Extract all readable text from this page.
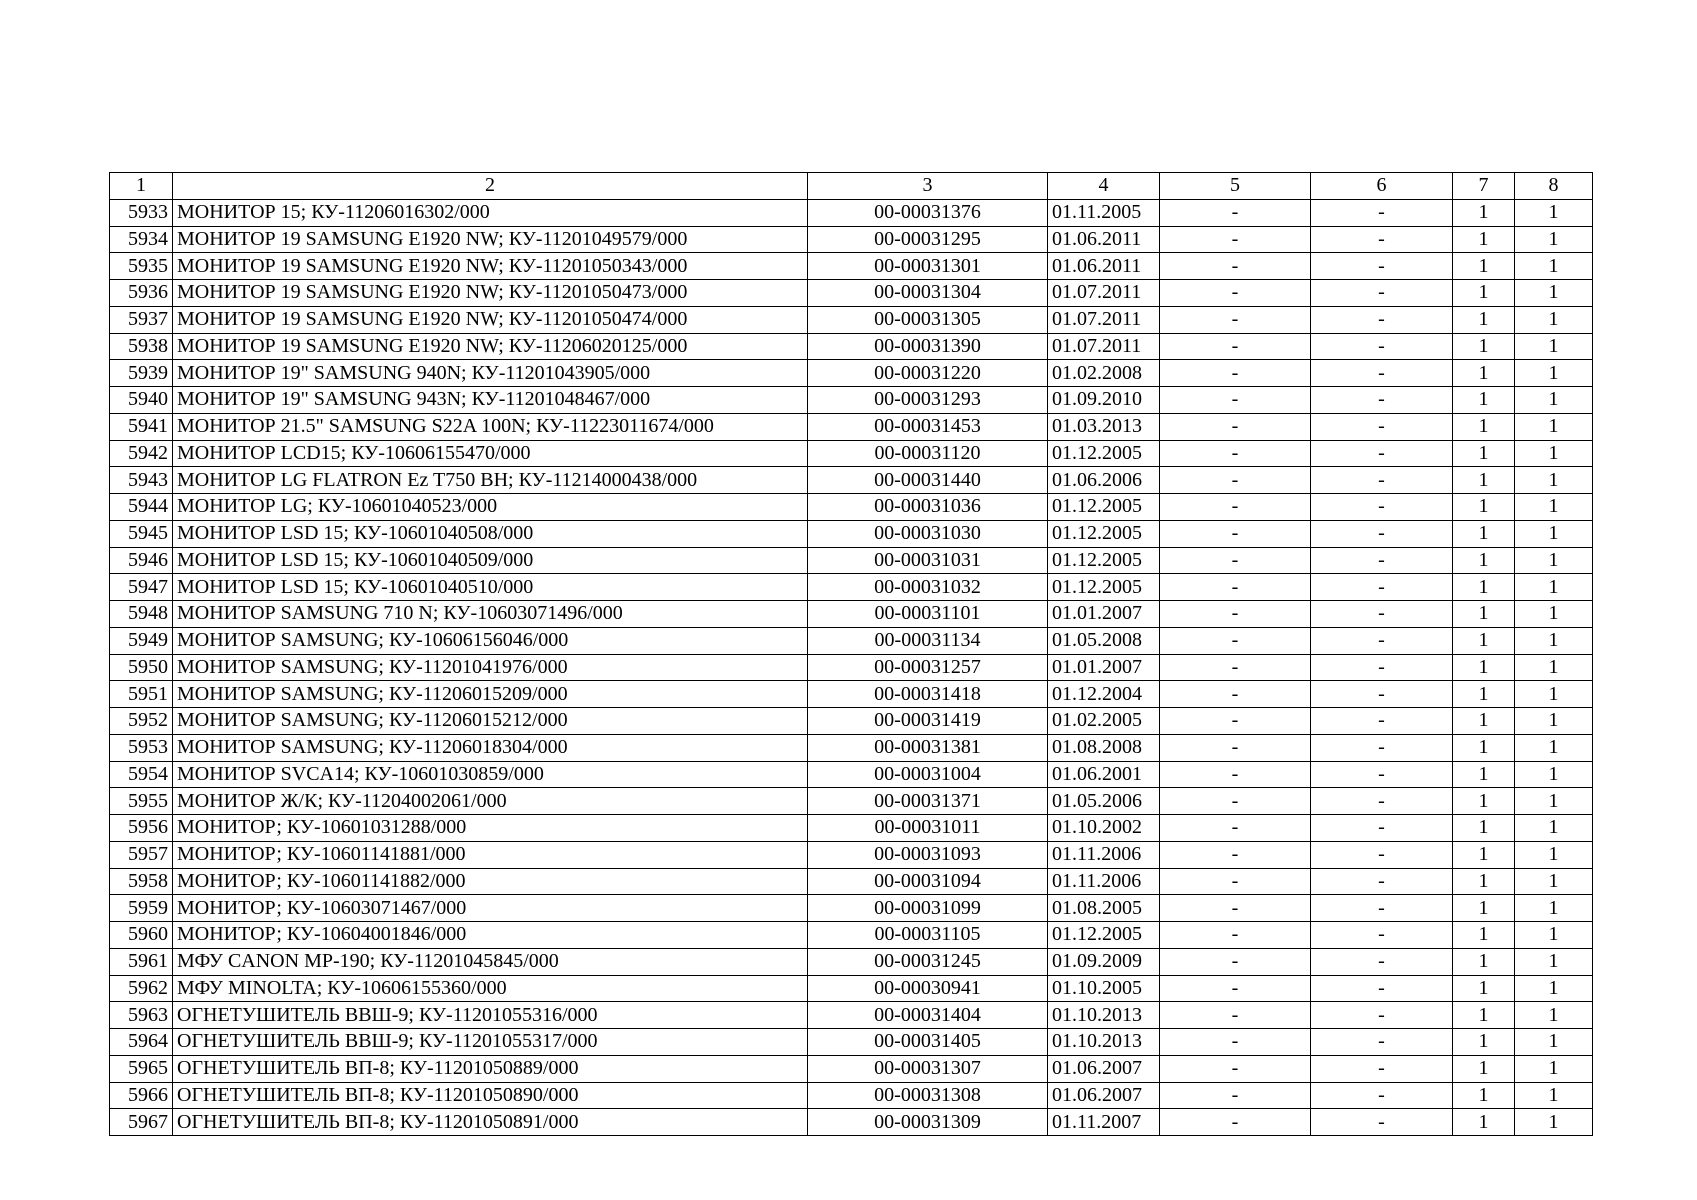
1	2	3	4	5	6	7	8
5933	МОНИТОР 15; КУ-11206016302/000	00-00031376	01.11.2005	-	-	1	1
5934	МОНИТОР 19 SAMSUNG E1920 NW; КУ-11201049579/000	00-00031295	01.06.2011	-	-	1	1
5935	МОНИТОР 19 SAMSUNG E1920 NW; КУ-11201050343/000	00-00031301	01.06.2011	-	-	1	1
5936	МОНИТОР 19 SAMSUNG E1920 NW; КУ-11201050473/000	00-00031304	01.07.2011	-	-	1	1
5937	МОНИТОР 19 SAMSUNG E1920 NW; КУ-11201050474/000	00-00031305	01.07.2011	-	-	1	1
5938	МОНИТОР 19 SAMSUNG E1920 NW; КУ-11206020125/000	00-00031390	01.07.2011	-	-	1	1
5939	МОНИТОР 19" SAMSUNG 940N; КУ-11201043905/000	00-00031220	01.02.2008	-	-	1	1
5940	МОНИТОР 19" SAMSUNG 943N; КУ-11201048467/000	00-00031293	01.09.2010	-	-	1	1
5941	МОНИТОР 21.5" SAMSUNG S22A 100N; КУ-11223011674/000	00-00031453	01.03.2013	-	-	1	1
5942	МОНИТОР LCD15; КУ-10606155470/000	00-00031120	01.12.2005	-	-	1	1
5943	МОНИТОР LG FLATRON Ez T750 BH; КУ-11214000438/000	00-00031440	01.06.2006	-	-	1	1
5944	МОНИТОР LG; КУ-10601040523/000	00-00031036	01.12.2005	-	-	1	1
5945	МОНИТОР LSD 15; КУ-10601040508/000	00-00031030	01.12.2005	-	-	1	1
5946	МОНИТОР LSD 15; КУ-10601040509/000	00-00031031	01.12.2005	-	-	1	1
5947	МОНИТОР LSD 15; КУ-10601040510/000	00-00031032	01.12.2005	-	-	1	1
5948	МОНИТОР SAMSUNG 710 N; КУ-10603071496/000	00-00031101	01.01.2007	-	-	1	1
5949	МОНИТОР SAMSUNG; КУ-10606156046/000	00-00031134	01.05.2008	-	-	1	1
5950	МОНИТОР SAMSUNG; КУ-11201041976/000	00-00031257	01.01.2007	-	-	1	1
5951	МОНИТОР SAMSUNG; КУ-11206015209/000	00-00031418	01.12.2004	-	-	1	1
5952	МОНИТОР SAMSUNG; КУ-11206015212/000	00-00031419	01.02.2005	-	-	1	1
5953	МОНИТОР SAMSUNG; КУ-11206018304/000	00-00031381	01.08.2008	-	-	1	1
5954	МОНИТОР SVCA14; КУ-10601030859/000	00-00031004	01.06.2001	-	-	1	1
5955	МОНИТОР Ж/К; КУ-11204002061/000	00-00031371	01.05.2006	-	-	1	1
5956	МОНИТОР; КУ-10601031288/000	00-00031011	01.10.2002	-	-	1	1
5957	МОНИТОР; КУ-10601141881/000	00-00031093	01.11.2006	-	-	1	1
5958	МОНИТОР; КУ-10601141882/000	00-00031094	01.11.2006	-	-	1	1
5959	МОНИТОР; КУ-10603071467/000	00-00031099	01.08.2005	-	-	1	1
5960	МОНИТОР; КУ-10604001846/000	00-00031105	01.12.2005	-	-	1	1
5961	МФУ CANON MP-190; КУ-11201045845/000	00-00031245	01.09.2009	-	-	1	1
5962	МФУ MINOLTA; КУ-10606155360/000	00-00030941	01.10.2005	-	-	1	1
5963	ОГНЕТУШИТЕЛЬ ВВШ-9; КУ-11201055316/000	00-00031404	01.10.2013	-	-	1	1
5964	ОГНЕТУШИТЕЛЬ ВВШ-9; КУ-11201055317/000	00-00031405	01.10.2013	-	-	1	1
5965	ОГНЕТУШИТЕЛЬ ВП-8; КУ-11201050889/000	00-00031307	01.06.2007	-	-	1	1
5966	ОГНЕТУШИТЕЛЬ ВП-8; КУ-11201050890/000	00-00031308	01.06.2007	-	-	1	1
5967	ОГНЕТУШИТЕЛЬ ВП-8; КУ-11201050891/000	00-00031309	01.11.2007	-	-	1	1
